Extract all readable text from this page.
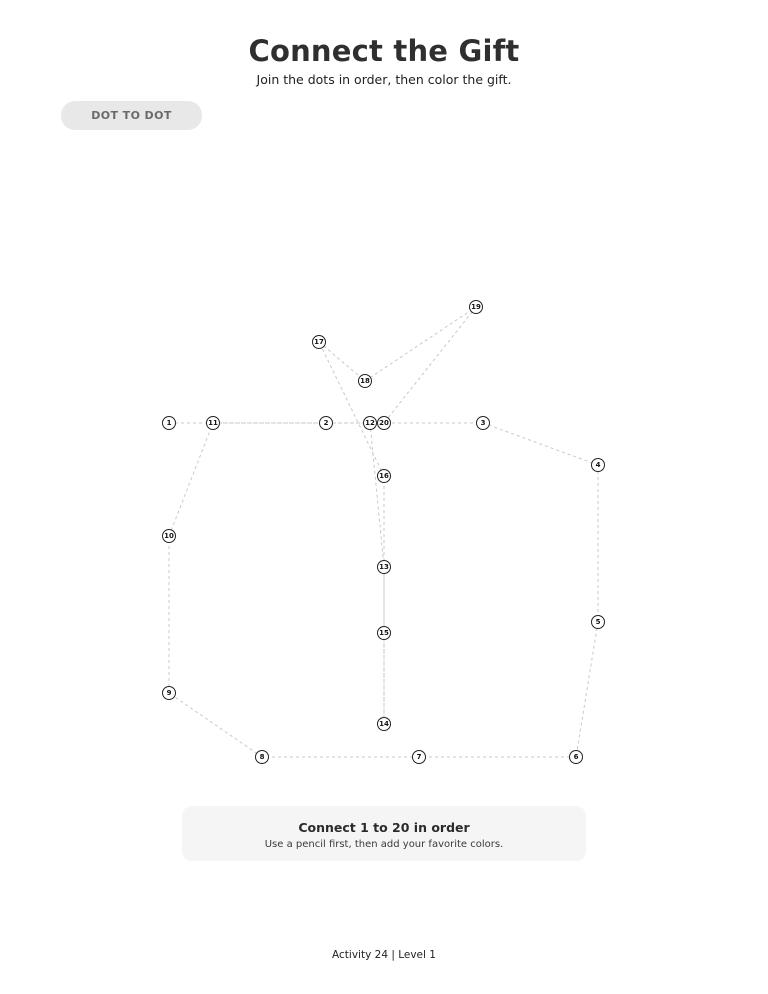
Connect the Gift
Join the dots in order, then color the gift.
DOT TO DOT
1	2	3
4
5
6
7
8
9
10
11	12
13
14
15
16
17
18
19
20
Connect 1 to 20 in order
Use a pencil first, then add your favorite colors.
Activity 24 | Level 1
